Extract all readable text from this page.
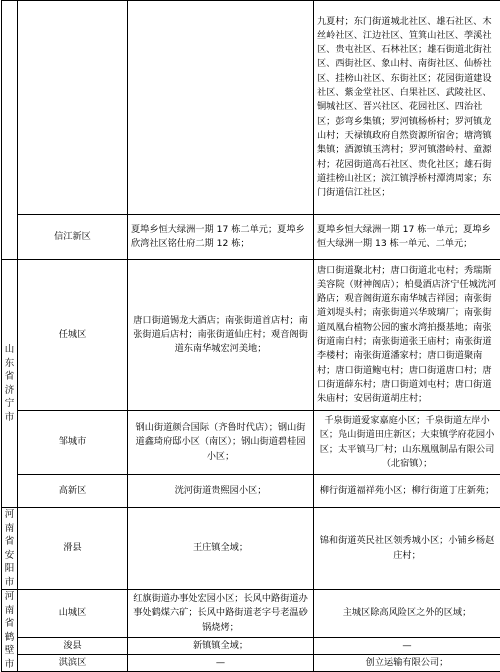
			九夏村；东门街道城北社区、雄石社区、木丝岭社区、江边社区、笪箕山社区、荸溪社区、贵屯社区、石林社区；雄石街道北街社区、西街社区、象山村、南街社区、仙桥社区、挂榜山社区、东街社区；花园街道建设社区、紫金堂社区、白果社区、武陵社区、铜城社区、晋兴社区、花园社区、四治社区；彭弯乡集镇；罗河镇杨桥村；罗河镇龙山村；天禄镇政府自然资源所宿舍；塘湾镇集镇；酒源镇玉湾村；罗河镇潜岭村、童源村；花园街道高石社区、贵化社区；雄石街道挂榜山社区；滨江镇浮桥村潭湾周家；东门街道信江社区；

	信江新区	夏埠乡恒大绿洲一期 17 栋二单元；夏埠乡欣湾社区铭仕府二期 12 栋；	夏埠乡恒大绿洲一期 17 栋一单元；夏埠乡恒大绿洲一期 13 栋一单元、二单元；
山东省济宁市	任城区	唐口街道锡龙大酒店；南张街道首店村；南张街道后店村；南张街道仙庄村；观音阁街道东南华城宏河美地；	唐口街道聚北村；唐口街道北屯村；秀瑞斯美容院（财神阁店）；柏曼酒店济宁任城洸河路店；观音阁街道东南华城吉祥园；南张街道刘堤头村；南张街道兴华玻璃厂；南张街道凤凰台植物公园的蜜水湾拍摄基地；南张街道南白村；南张街道张王庙村；南张街道李楼村；南张街道潘家村；唐口街道聚南村；唐口街道鲍屯村；唐口街道唐口村；唐口街道薛东村；唐口街道刘屯村；唐口街道朱庙村；安居街道胡庄村；
	邹城市	钢山街道颜合国际（齐鲁时代店）；钢山街道鑫琦府邸小区（南区）；钢山街道碧桂园小区；	千泉街道爱家嘉庭小区；千泉街道左岸小区；凫山街道田庄新区；大束镇学府花园小区；太平镇马厂村；山东凰凰制品有限公司（北宿镇）；
	高新区	洸河街道贵熙园小区；	柳行街道福祥苑小区；柳行街道丁庄新苑；
河南省安阳市	滑县	王庄镇全域；	锦和街道英民社区领秀城小区；小铺乡杨赵庄村；
河南省鹤壁市	山城区	红旗街道办事处宏园小区；长风中路街道办事处鹤煤六矿；长风中路街道老字号老温砂锅烧烤；	主城区除高风险区之外的区域；
	浚县	新镇镇全域；	—
	淇滨区	—	创立运输有限公司；
